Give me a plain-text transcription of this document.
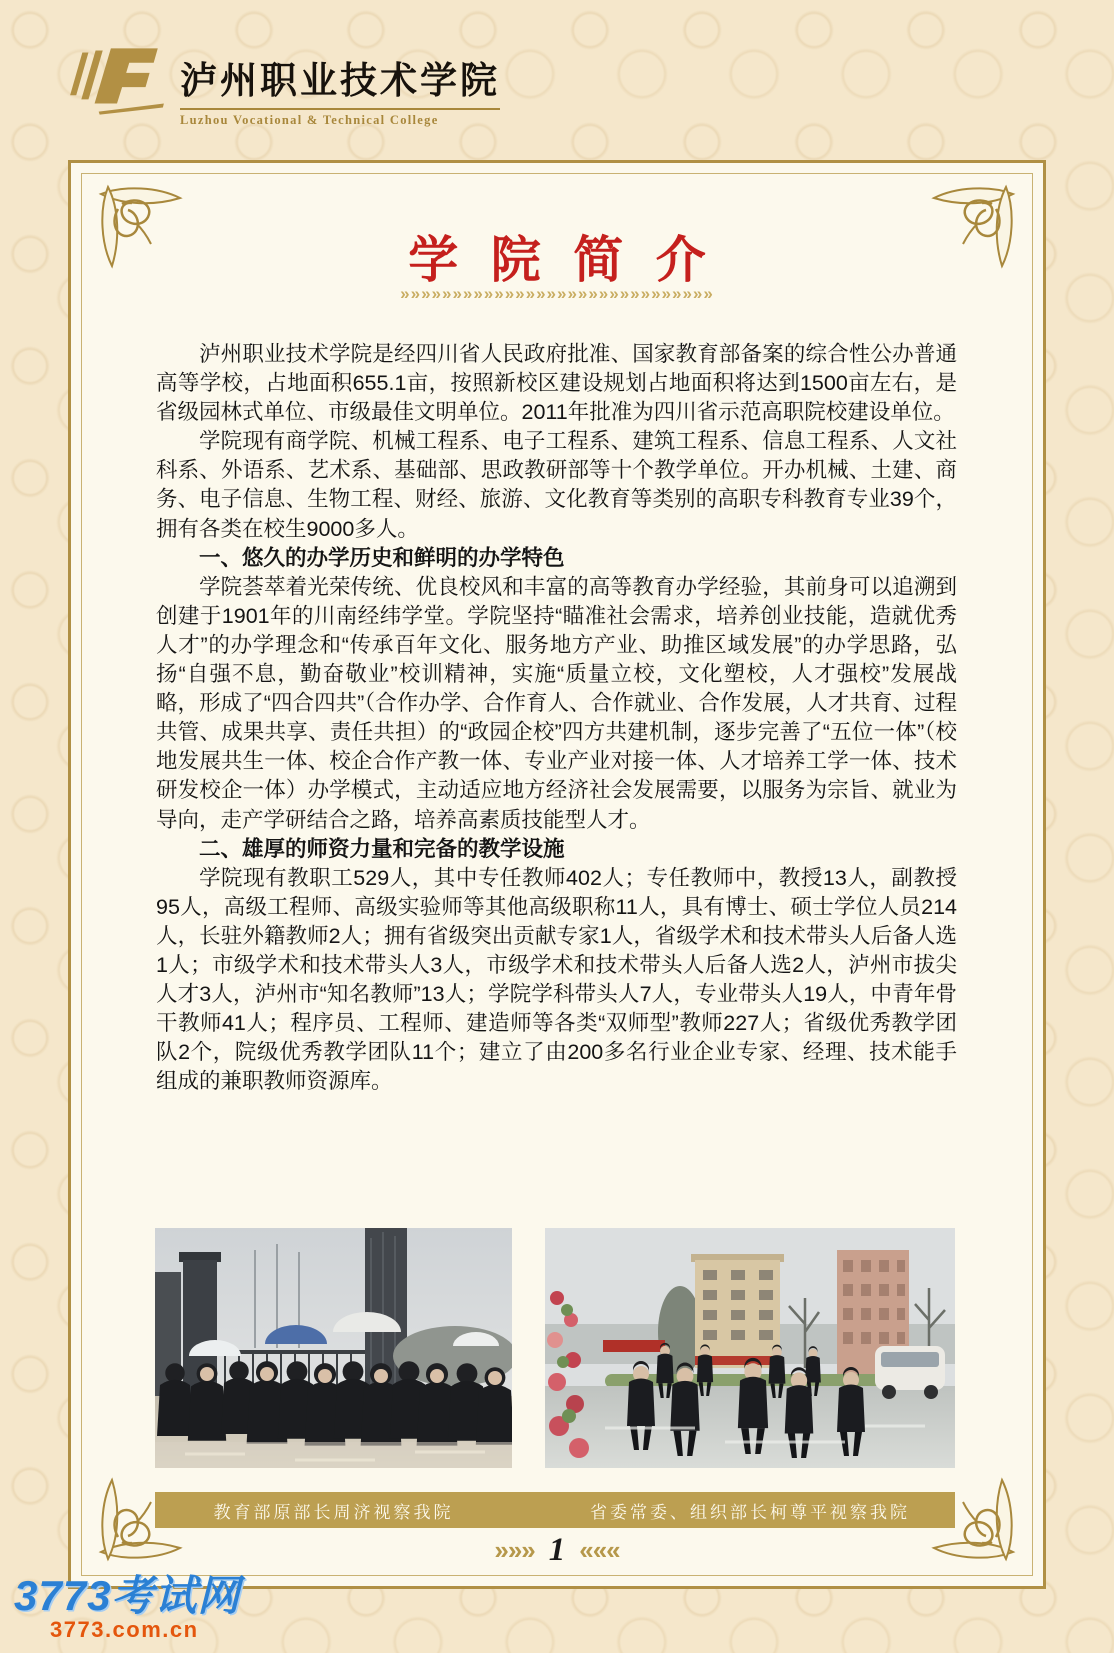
泸州职业技术学院
Luzhou Vocational & Technical College
学 院 简 介
»»»»»»»»»»»»»»»»»»»»»»»»»»»»»»

泸州职业技术学院是经四川省人民政府批准、国家教育部备案的综合性公办普通高等学校，占地面积655.1亩，按照新校区建设规划占地面积将达到1500亩左右，是省级园林式单位、市级最佳文明单位。2011年批准为四川省示范高职院校建设单位。

学院现有商学院、机械工程系、电子工程系、建筑工程系、信息工程系、人文社科系、外语系、艺术系、基础部、思政教研部等十个教学单位。开办机械、土建、商务、电子信息、生物工程、财经、旅游、文化教育等类别的高职专科教育专业39个，拥有各类在校生9000多人。

一、悠久的办学历史和鲜明的办学特色

学院荟萃着光荣传统、优良校风和丰富的高等教育办学经验，其前身可以追溯到创建于1901年的川南经纬学堂。学院坚持“瞄准社会需求，培养创业技能，造就优秀人才”的办学理念和“传承百年文化、服务地方产业、助推区域发展”的办学思路，弘扬“自强不息，勤奋敬业”校训精神，实施“质量立校，文化塑校，人才强校”发展战略，形成了“四合四共”（合作办学、合作育人、合作就业、合作发展，人才共育、过程共管、成果共享、责任共担）的“政园企校”四方共建机制，逐步完善了“五位一体”（校地发展共生一体、校企合作产教一体、专业产业对接一体、人才培养工学一体、技术研发校企一体）办学模式，主动适应地方经济社会发展需要，以服务为宗旨、就业为导向，走产学研结合之路，培养高素质技能型人才。

二、雄厚的师资力量和完备的教学设施

学院现有教职工529人，其中专任教师402人；专任教师中，教授13人，副教授95人，高级工程师、高级实验师等其他高级职称11人，具有博士、硕士学位人员214人，长驻外籍教师2人；拥有省级突出贡献专家1人，省级学术和技术带头人后备人选1人；市级学术和技术带头人3人，市级学术和技术带头人后备人选2人，泸州市拔尖人才3人，泸州市“知名教师”13人；学院学科带头人7人，专业带头人19人，中青年骨干教师41人；程序员、工程师、建造师等各类“双师型”教师227人；省级优秀教学团队2个，院级优秀教学团队11个；建立了由200多名行业企业专家、经理、技术能手组成的兼职教师资源库。

教育部原部长周济视察我院	省委常委、组织部长柯尊平视察我院
»»» 1 «««
3773考试网
3773.com.cn
